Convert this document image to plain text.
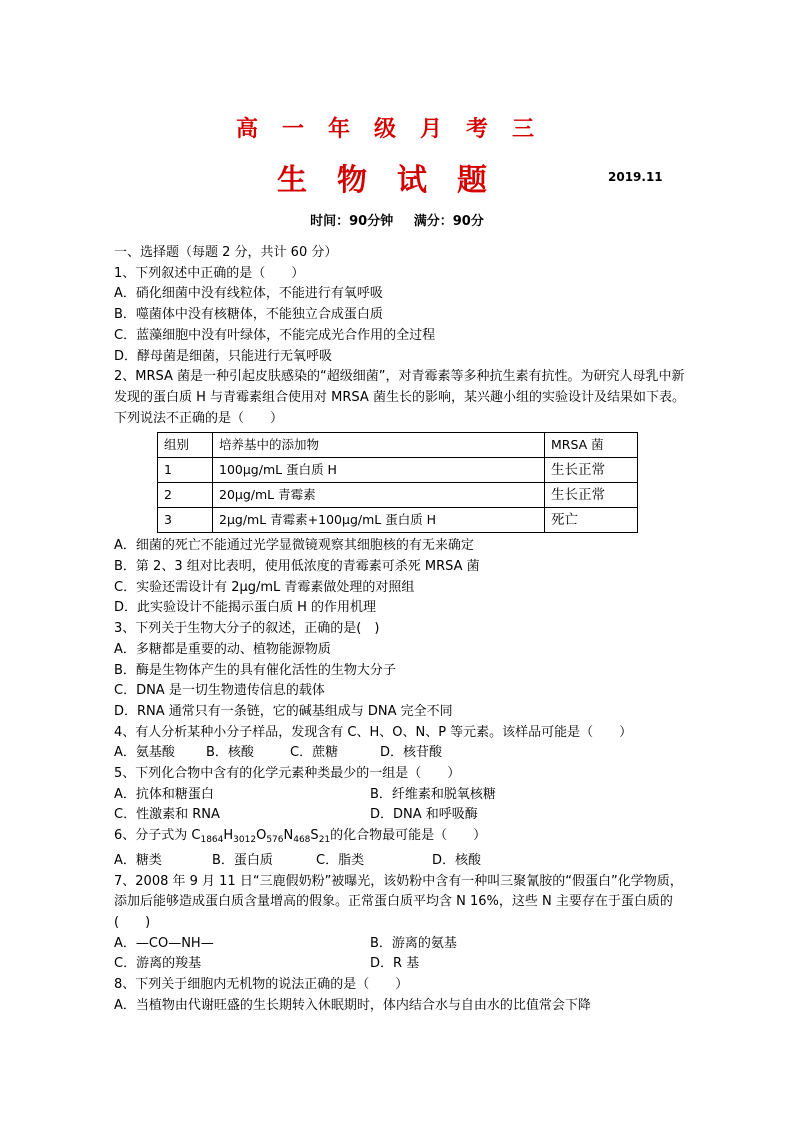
高一年级月考三
生物试题	2019.11
时间：90分钟 满分：90分
一、选择题（每题 2 分，共计 60 分）
1、下列叙述中正确的是（　　）
A．硝化细菌中没有线粒体，不能进行有氧呼吸
B．噬菌体中没有核糖体，不能独立合成蛋白质
C．蓝藻细胞中没有叶绿体，不能完成光合作用的全过程
D．酵母菌是细菌，只能进行无氧呼吸
2、MRSA 菌是一种引起皮肤感染的“超级细菌”，对青霉素等多种抗生素有抗性。为研究人母乳中新发现的蛋白质 H 与青霉素组合使用对 MRSA 菌生长的影响，某兴趣小组的实验设计及结果如下表。下列说法不正确的是（　　）
组别	培养基中的添加物	MRSA 菌
1	100μg/mL 蛋白质 H	生长正常
2	20μg/mL 青霉素	生长正常
3	2μg/mL 青霉素+100μg/mL 蛋白质 H	死亡
A．细菌的死亡不能通过光学显微镜观察其细胞核的有无来确定
B．第 2、3 组对比表明，使用低浓度的青霉素可杀死 MRSA 菌
C．实验还需设计有 2μg/mL 青霉素做处理的对照组
D．此实验设计不能揭示蛋白质 H 的作用机理
3、下列关于生物大分子的叙述，正确的是(　)
A．多糖都是重要的动、植物能源物质
B．酶是生物体产生的具有催化活性的生物大分子
C．DNA 是一切生物遗传信息的载体
D．RNA 通常只有一条链，它的碱基组成与 DNA 完全不同
4、有人分析某种小分子样品，发现含有 C、H、O、N、P 等元素。该样品可能是（　　）
A．氨基酸	B．核酸	C．蔗糖	D．核苷酸
5、下列化合物中含有的化学元素种类最少的一组是（　　）
A．抗体和糖蛋白	B．纤维素和脱氧核糖
C．性激素和 RNA	D．DNA 和呼吸酶
6、分子式为 $C_{1864}H_{3012}O_{576}N_{468}S_{21}$的化合物最可能是（　　）
A．糖类	B．蛋白质	C．脂类	D．核酸
7、2008 年 9 月 11 日“三鹿假奶粉”被曝光，该奶粉中含有一种叫三聚氰胺的“假蛋白”化学物质，添加后能够造成蛋白质含量增高的假象。正常蛋白质平均含 N 16%，这些 N 主要存在于蛋白质的(　　)
A．—CO—NH—	B．游离的氨基
C．游离的羧基	D．R 基
8、下列关于细胞内无机物的说法正确的是（　　）
A．当植物由代谢旺盛的生长期转入休眠期时，体内结合水与自由水的比值常会下降
